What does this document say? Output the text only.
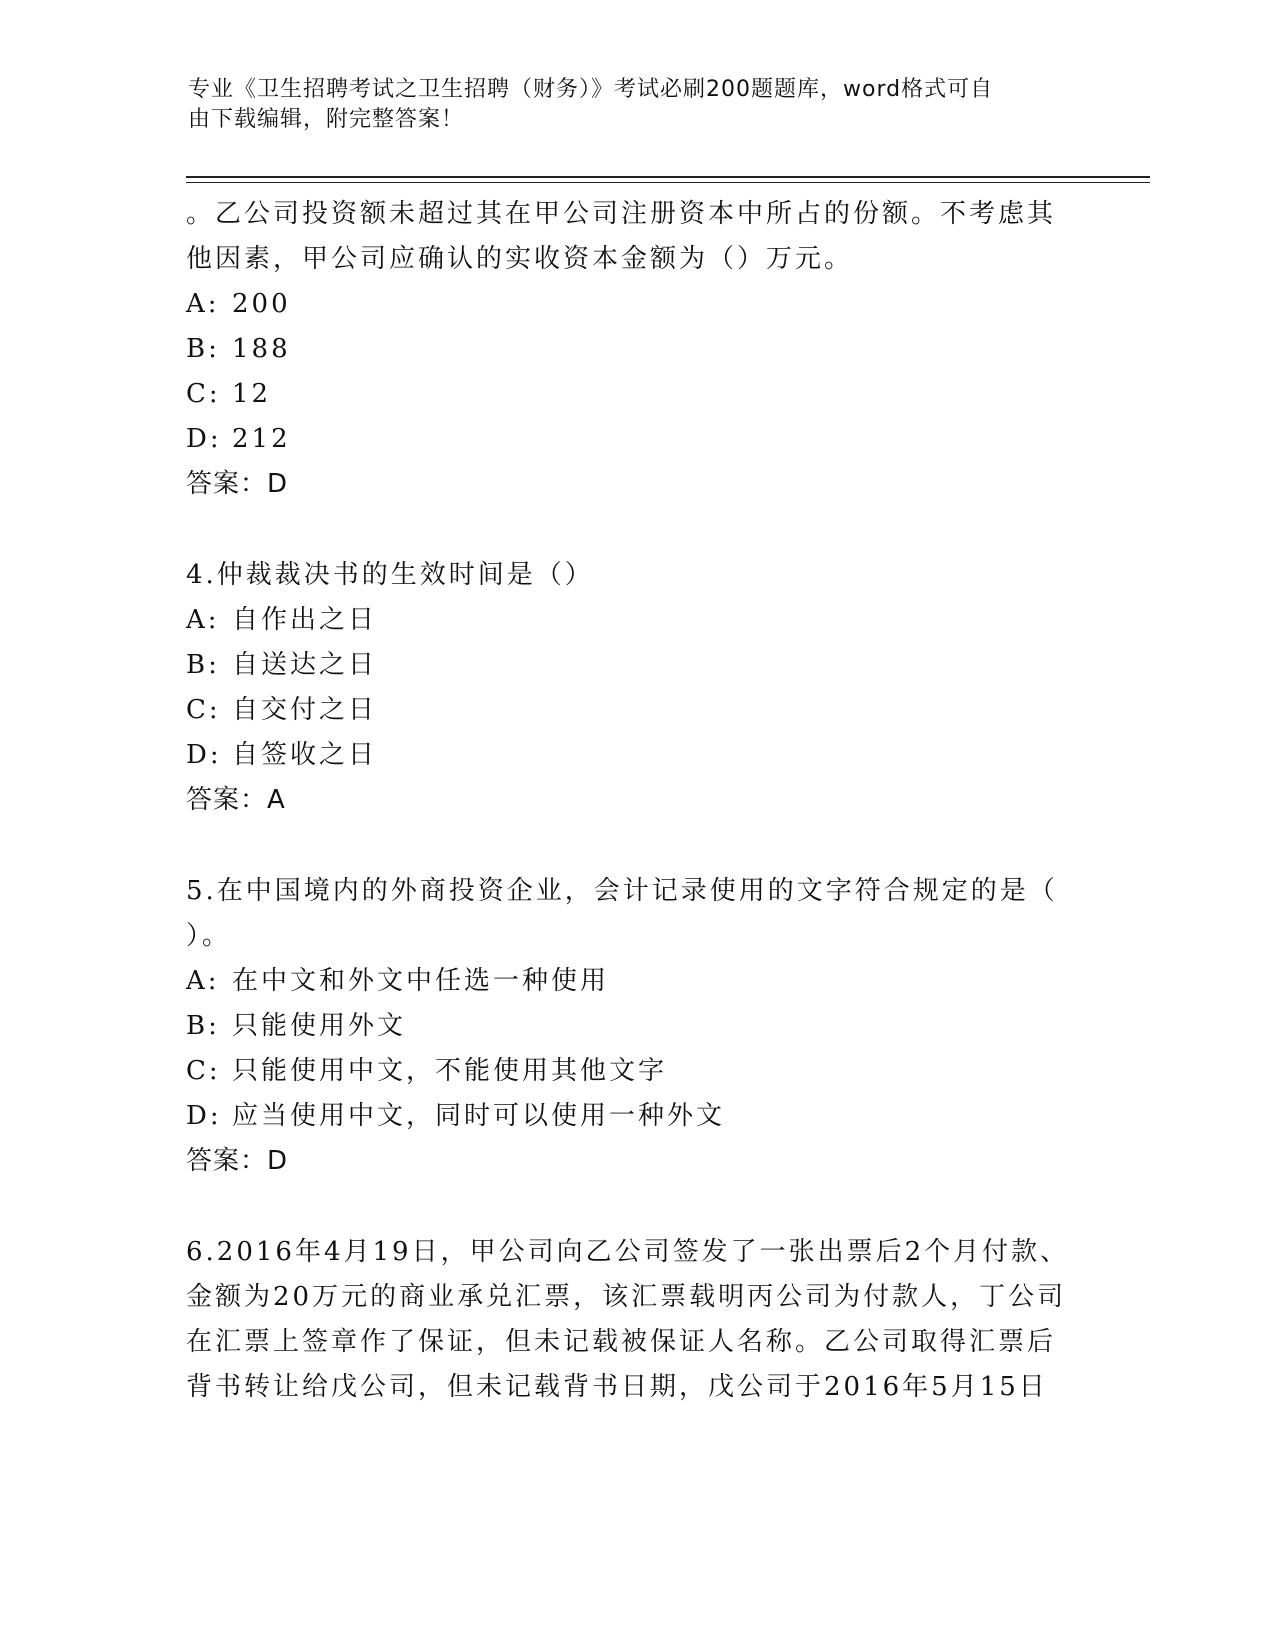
专业《卫生招聘考试之卫生招聘（财务）》考试必刷200题题库，word格式可自
由下载编辑，附完整答案！
。乙公司投资额未超过其在甲公司注册资本中所占的份额。不考虑其
他因素，甲公司应确认的实收资本金额为（）万元。
A: 200
B: 188
C: 12
D: 212
答案：D
4.仲裁裁决书的生效时间是（）
A: 自作出之日
B: 自送达之日
C: 自交付之日
D: 自签收之日
答案：A
5.在中国境内的外商投资企业，会计记录使用的文字符合规定的是（
）。
A: 在中文和外文中任选一种使用
B: 只能使用外文
C: 只能使用中文，不能使用其他文字
D: 应当使用中文，同时可以使用一种外文
答案：D
6.2016年4月19日，甲公司向乙公司签发了一张出票后2个月付款、
金额为20万元的商业承兑汇票，该汇票载明丙公司为付款人，丁公司
在汇票上签章作了保证，但未记载被保证人名称。乙公司取得汇票后
背书转让给戊公司，但未记载背书日期，戊公司于2016年5月15日
